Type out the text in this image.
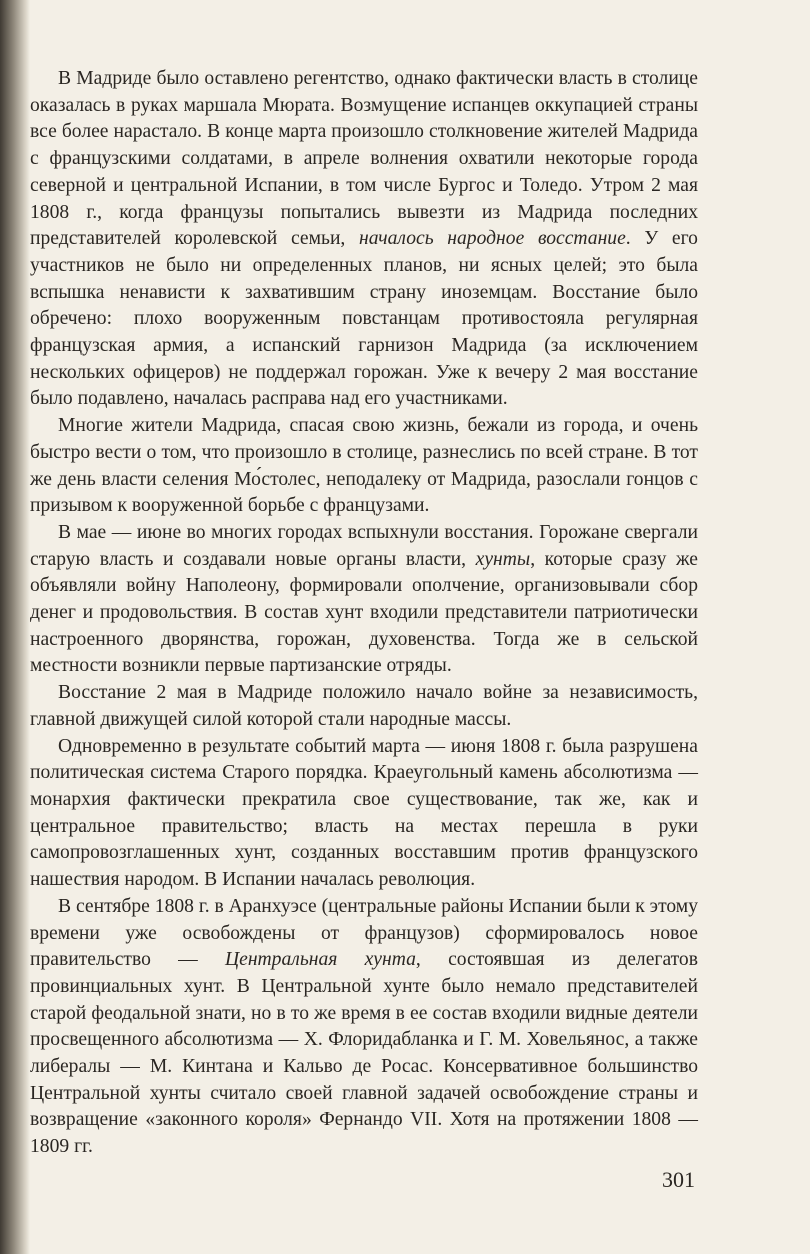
В Мадриде было оставлено регентство, однако фактически власть в столице оказалась в руках маршала Мюрата. Возмущение испанцев оккупацией страны все более нарастало. В конце марта произошло столкновение жителей Мадрида с французскими солдатами, в апреле волнения охватили некоторые города северной и центральной Испании, в том числе Бургос и Толедо. Утром 2 мая 1808 г., когда французы попытались вывезти из Мадрида последних представителей королевской семьи, началось народное восстание. У его участников не было ни определенных планов, ни ясных целей; это была вспышка ненависти к захватившим страну иноземцам. Восстание было обречено: плохо вооруженным повстанцам противостояла регулярная французская армия, а испанский гарнизон Мадрида (за исключением нескольких офицеров) не поддержал горожан. Уже к вечеру 2 мая восстание было подавлено, началась расправа над его участниками.

Многие жители Мадрида, спасая свою жизнь, бежали из города, и очень быстро вести о том, что произошло в столице, разнеслись по всей стране. В тот же день власти селения Мо́столес, неподалеку от Мадрида, разослали гонцов с призывом к вооруженной борьбе с французами.

В мае — июне во многих городах вспыхнули восстания. Горожане свергали старую власть и создавали новые органы власти, хунты, которые сразу же объявляли войну Наполеону, формировали ополчение, организовывали сбор денег и продовольствия. В состав хунт входили представители патриотически настроенного дворянства, горожан, духовенства. Тогда же в сельской местности возникли первые партизанские отряды.

Восстание 2 мая в Мадриде положило начало войне за независимость, главной движущей силой которой стали народные массы.

Одновременно в результате событий марта — июня 1808 г. была разрушена политическая система Старого порядка. Краеугольный камень абсолютизма — монархия фактически прекратила свое существование, так же, как и центральное правительство; власть на местах перешла в руки самопровозглашенных хунт, созданных восставшим против французского нашествия народом. В Испании началась революция.

В сентябре 1808 г. в Аранхуэсе (центральные районы Испании были к этому времени уже освобождены от французов) сформировалось новое правительство — Центральная хунта, состоявшая из делегатов провинциальных хунт. В Центральной хунте было немало представителей старой феодальной знати, но в то же время в ее состав входили видные деятели просвещенного абсолютизма — Х. Флоридабланка и Г. М. Ховельянос, а также либералы — М. Кинтана и Кальво де Росас. Консервативное большинство Центральной хунты считало своей главной задачей освобождение страны и возвращение «законного короля» Фернандо VII. Хотя на протяжении 1808 — 1809 гг.

301
